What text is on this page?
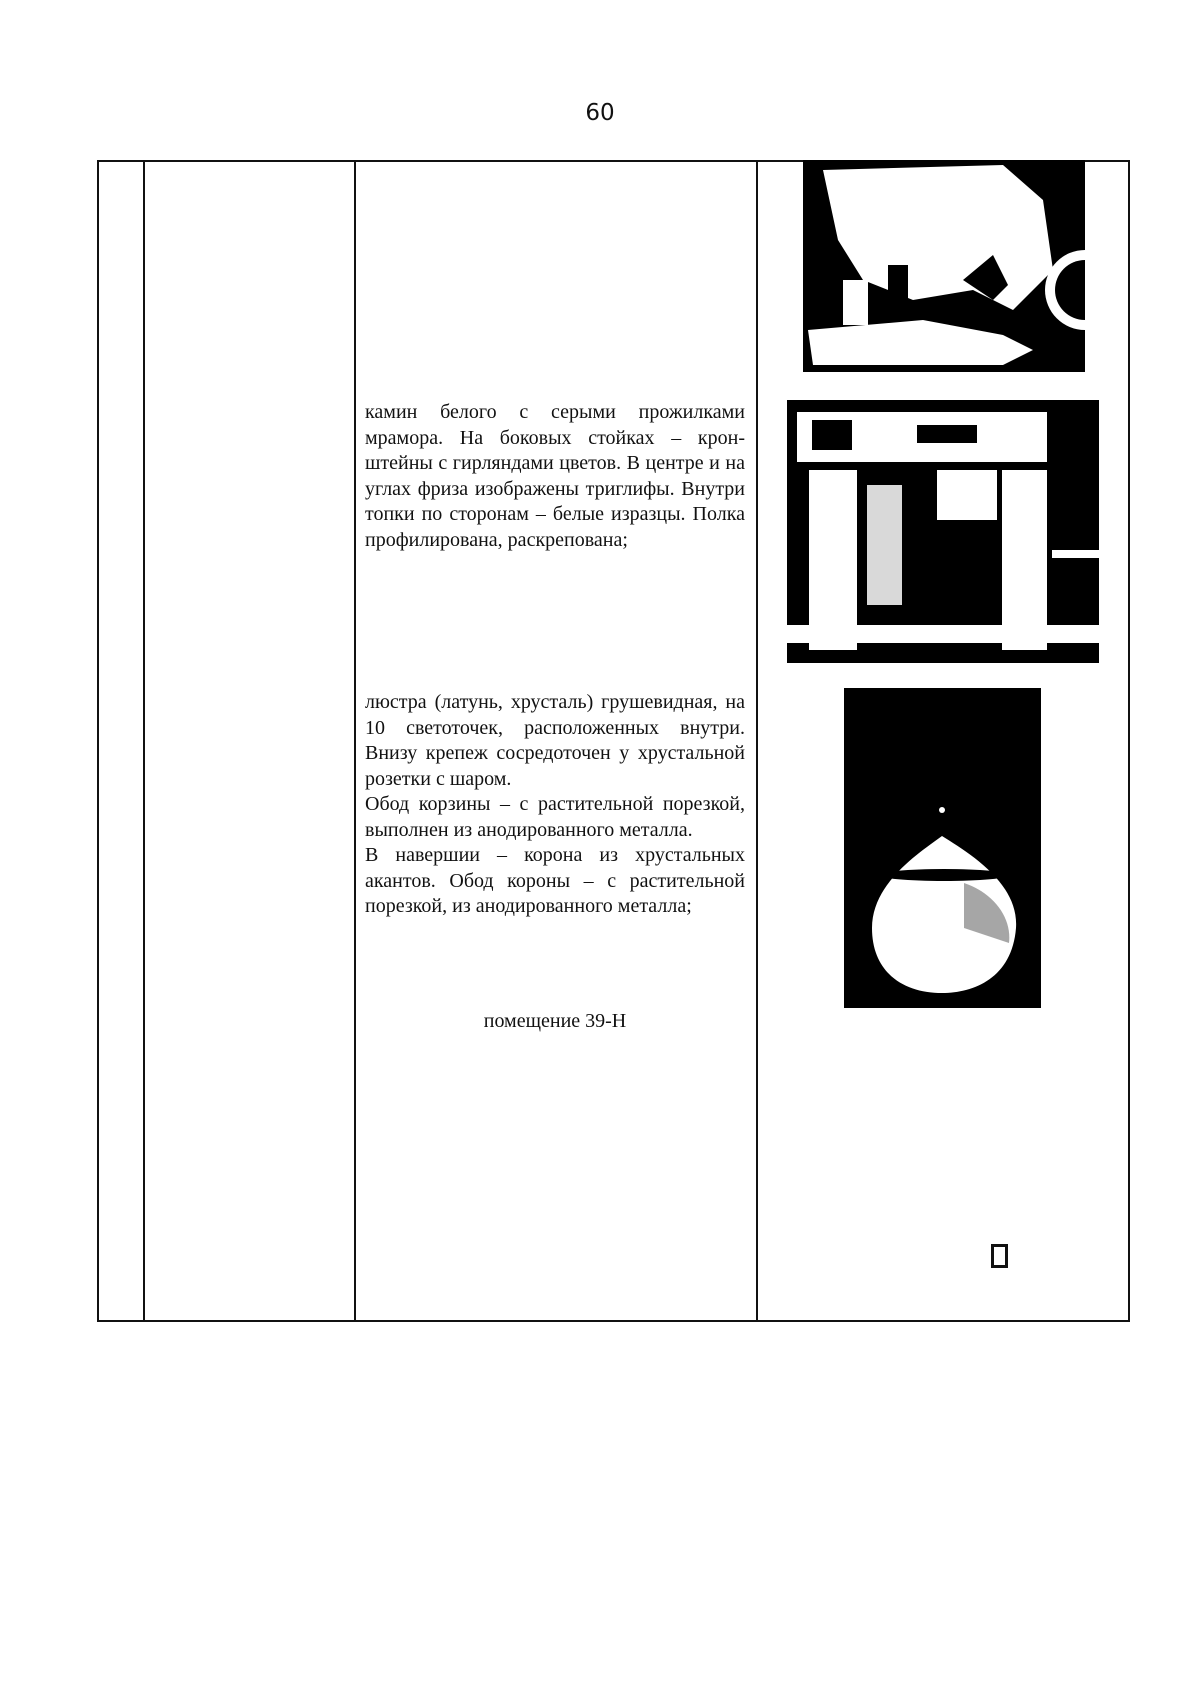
60

камин белого с серыми прожилками мрамора. На боковых стойках – крон-штейны с гирляндами цветов. В центре и на углах фриза изображены триглифы. Внутри топки по сторонам – белые изразцы. Полка профилирована, раскрепована;

люстра (латунь, хрусталь) грушевидная, на 10 светоточек, расположенных внутри. Внизу крепеж сосредоточен у хрустальной розетки с шаром.

Обод корзины – с растительной порезкой, выполнен из анодированного металла.

В навершии – корона из хрустальных акантов. Обод короны – с растительной порезкой, из анодированного металла;

помещение 39-Н
